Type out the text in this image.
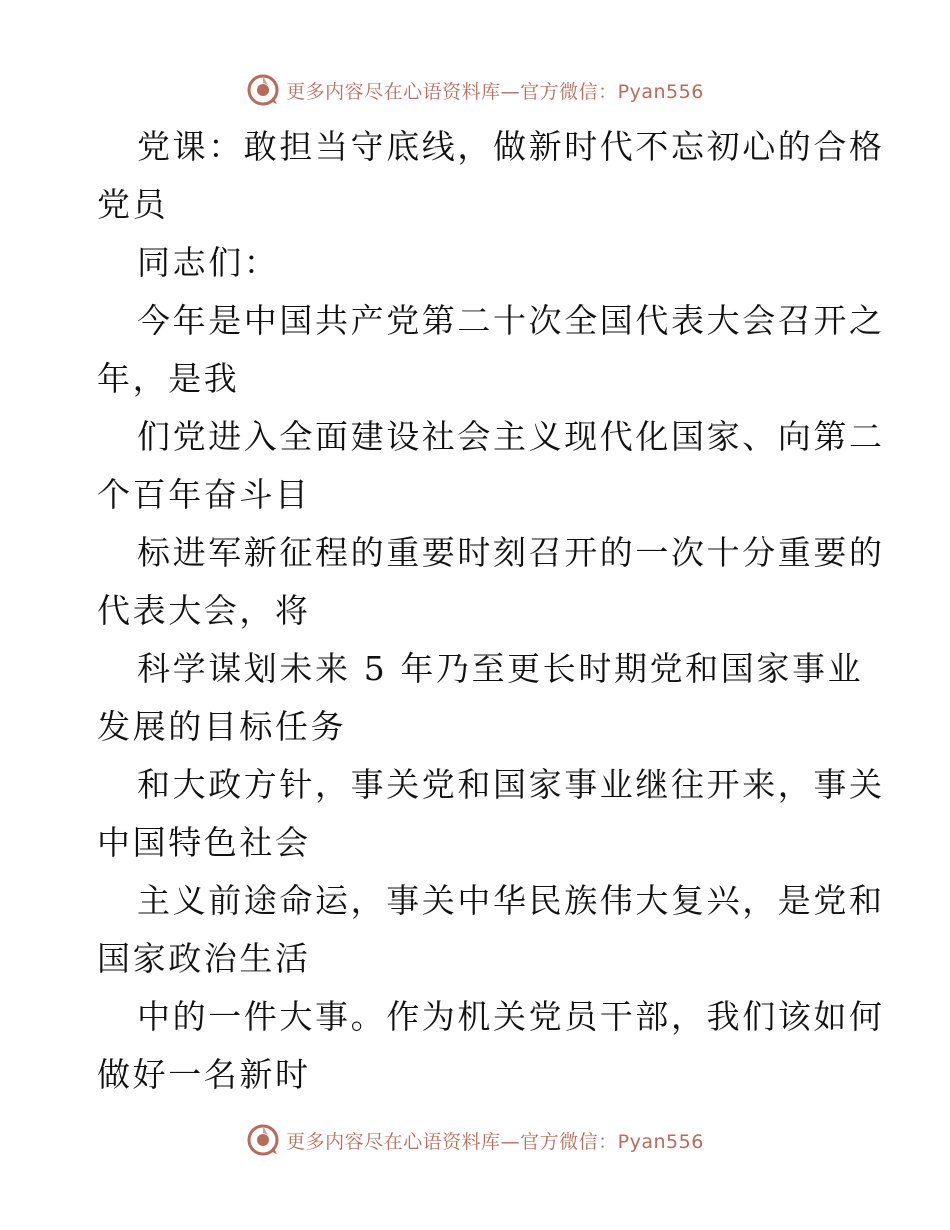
更多内容尽在心语资料库—官方微信：Pyan556

党课：敢担当守底线，做新时代不忘初心的合格

党员

同志们：

今年是中国共产党第二十次全国代表大会召开之

年，是我

们党进入全面建设社会主义现代化国家、向第二

个百年奋斗目

标进军新征程的重要时刻召开的一次十分重要的

代表大会，将

科学谋划未来 5 年乃至更长时期党和国家事业

发展的目标任务

和大政方针，事关党和国家事业继往开来，事关

中国特色社会

主义前途命运，事关中华民族伟大复兴，是党和

国家政治生活

中的一件大事。作为机关党员干部，我们该如何

做好一名新时

更多内容尽在心语资料库—官方微信：Pyan556
